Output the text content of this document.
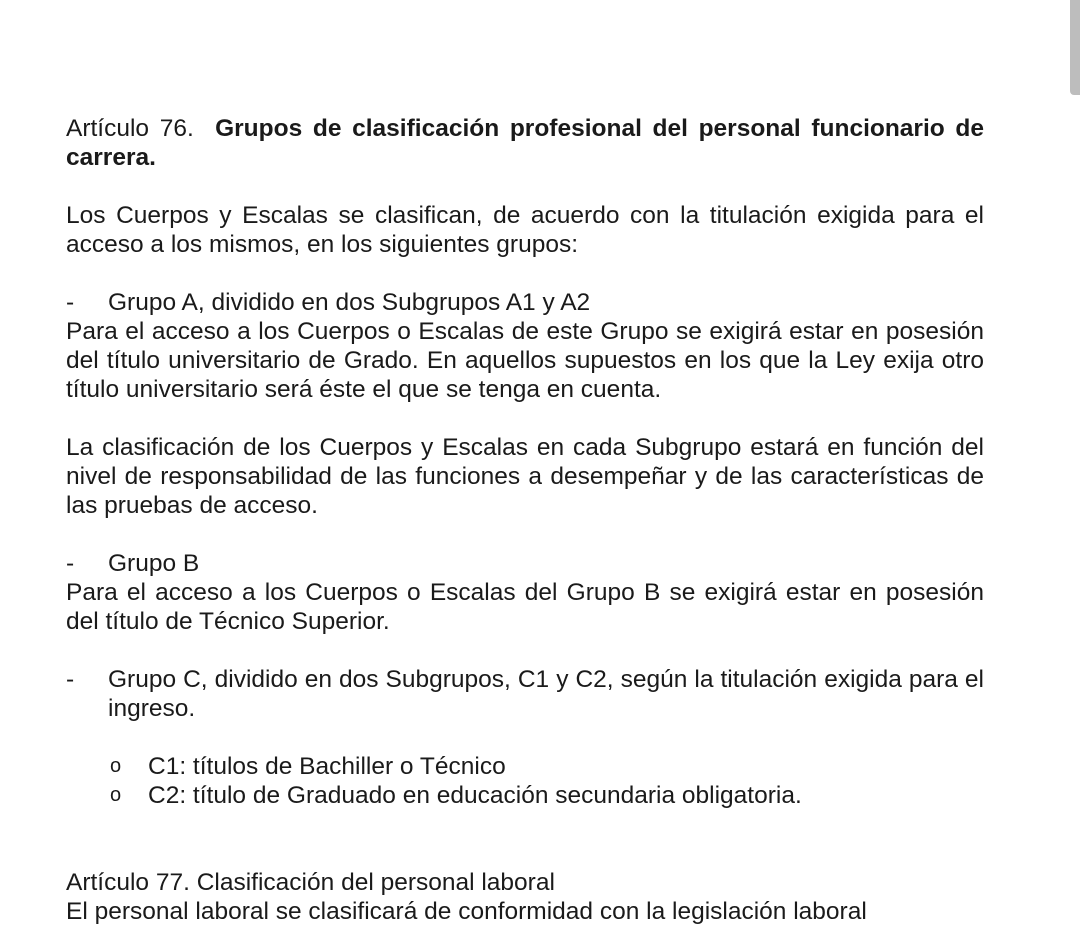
Artículo 76. Grupos de clasificación profesional del personal funcionario de carrera.

Los Cuerpos y Escalas se clasifican, de acuerdo con la titulación exigida para el acceso a los mismos, en los siguientes grupos:

- Grupo A, dividido en dos Subgrupos A1 y A2

Para el acceso a los Cuerpos o Escalas de este Grupo se exigirá estar en posesión del título universitario de Grado. En aquellos supuestos en los que la Ley exija otro título universitario será éste el que se tenga en cuenta.

La clasificación de los Cuerpos y Escalas en cada Subgrupo estará en función del nivel de responsabilidad de las funciones a desempeñar y de las características de las pruebas de acceso.

- Grupo B

Para el acceso a los Cuerpos o Escalas del Grupo B se exigirá estar en posesión del título de Técnico Superior.

- Grupo C, dividido en dos Subgrupos, C1 y C2, según la titulación exigida para el ingreso.

o C1: títulos de Bachiller o Técnico

o C2: título de Graduado en educación secundaria obligatoria.

Artículo 77. Clasificación del personal laboral

El personal laboral se clasificará de conformidad con la legislación laboral
